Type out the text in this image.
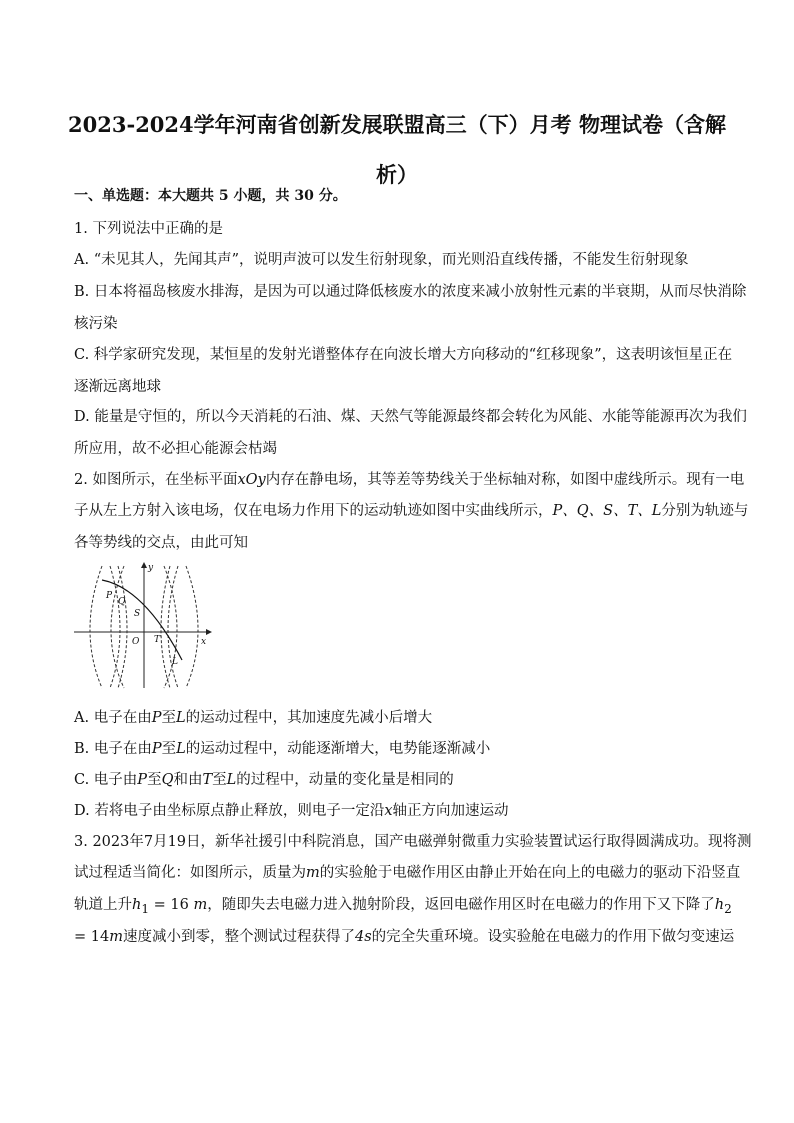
2023-2024学年河南省创新发展联盟高三（下）月考 物理试卷（含解
析）
一、单选题：本大题共 5 小题，共 30 分。
1. 下列说法中正确的是
A. “未见其人，先闻其声”，说明声波可以发生衍射现象，而光则沿直线传播，不能发生衍射现象
B. 日本将福岛核废水排海，是因为可以通过降低核废水的浓度来减小放射性元素的半衰期，从而尽快消除
核污染
C. 科学家研究发现，某恒星的发射光谱整体存在向波长增大方向移动的“红移现象”，这表明该恒星正在
逐渐远离地球
D. 能量是守恒的，所以今天消耗的石油、煤、天然气等能源最终都会转化为风能、水能等能源再次为我们
所应用，故不必担心能源会枯竭
2. 如图所示，在坐标平面xOy内存在静电场，其等差等势线关于坐标轴对称，如图中虚线所示。现有一电
子从左上方射入该电场，仅在电场力作用下的运动轨迹如图中实曲线所示，P、Q、S、T、L分别为轨迹与
各等势线的交点，由此可知
y
x
O
P
Q
S
T
L
A. 电子在由P至L的运动过程中，其加速度先减小后增大
B. 电子在由P至L的运动过程中，动能逐渐增大，电势能逐渐减小
C. 电子由P至Q和由T至L的过程中，动量的变化量是相同的
D. 若将电子由坐标原点静止释放，则电子一定沿x轴正方向加速运动
3. 2023年7月19日，新华社援引中科院消息，国产电磁弹射微重力实验装置试运行取得圆满成功。现将测
试过程适当简化：如图所示，质量为m的实验舱于电磁作用区由静止开始在向上的电磁力的驱动下沿竖直
轨道上升$h_1 = 16$ m，随即失去电磁力进入抛射阶段，返回电磁作用区时在电磁力的作用下又下降了$h_2$
= 14m速度减小到零，整个测试过程获得了4s的完全失重环境。设实验舱在电磁力的作用下做匀变速运
